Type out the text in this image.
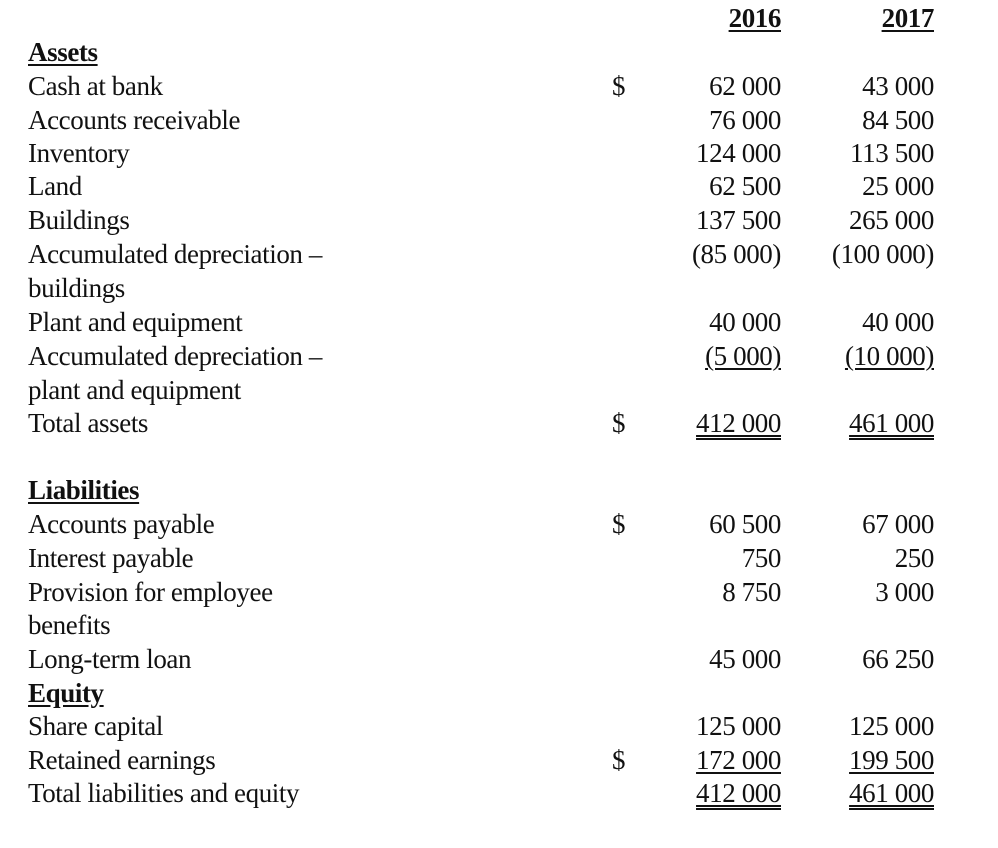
2016	2017
Assets
Cash at bank	$	62 000	43 000
Accounts receivable	76 000	84 500
Inventory	124 000	113 500
Land	62 500	25 000
Buildings	137 500	265 000
Accumulated depreciation –
buildings
(85 000) (100 000)
Plant and equipment	40 000	40 000
Accumulated depreciation –
plant and equipment
(5 000) (10 000)
Total assets	$	412 000	461 000
Liabilities
Accounts payable	$	60 500	67 000
Interest payable	750	250
Provision for employee
benefits
8 750	3 000
Long-term loan	45 000	66 250
Equity
Share capital	125 000	125 000
Retained earnings	$	172 000	199 500
Total liabilities and equity	412 000	461 000
